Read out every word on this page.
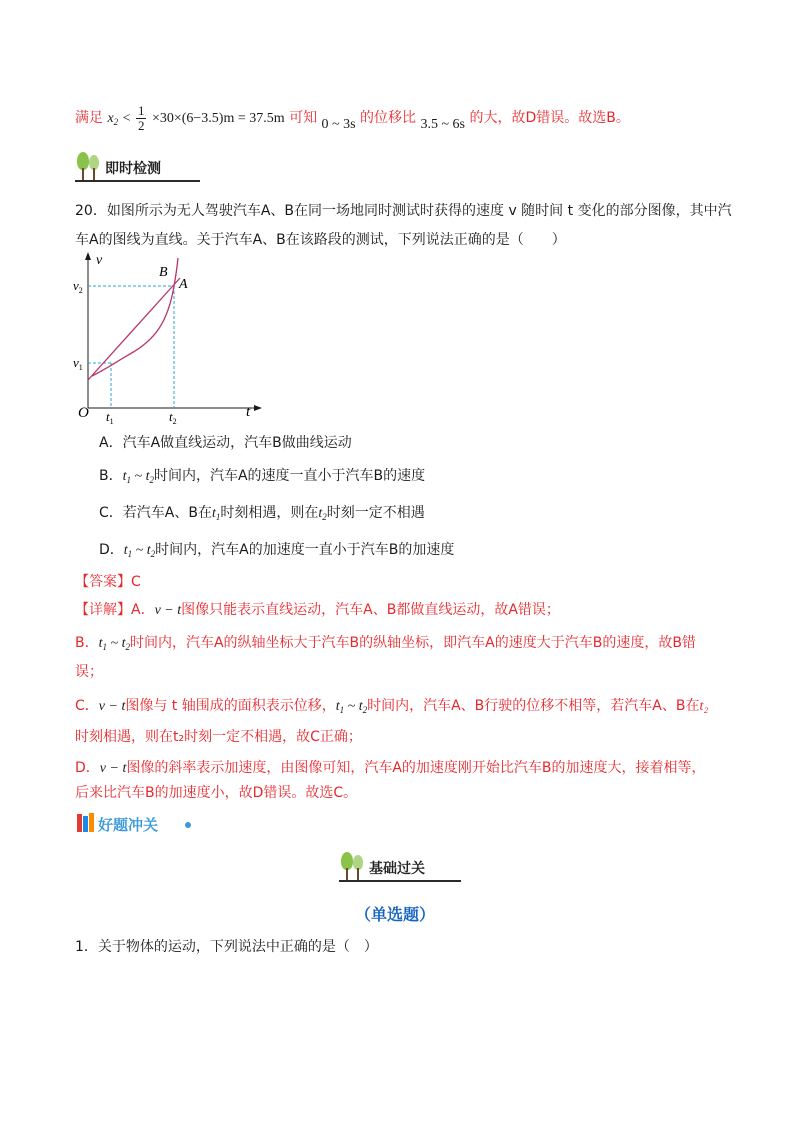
满足 $x_2 < \frac{1}{2} \times 30\times(6-3.5)m = 37.5m$ 可知 0 ~ 3s 的位移比 3.5 ~ 6s 的大，故D错误。故选B。
即时检测
20．如图所示为无人驾驶汽车A、B在同一场地同时测试时获得的速度 v 随时间 t 变化的部分图像，其中汽
车A的图线为直线。关于汽车A、B在该路段的测试，下列说法正确的是（　　）
v
t
O
$v_1$
$v_2$
$t_1$	$t_2$
A
B
A．汽车A做直线运动，汽车B做曲线运动
B．$t_1$ ~ $t_2$时间内，汽车A的速度一直小于汽车B的速度
C．若汽车A、B在$t_1$时刻相遇，则在$t_2$时刻一定不相遇
D．$t_1$ ~ $t_2$时间内，汽车A的加速度一直小于汽车B的加速度
【答案】C
【详解】A．v − t图像只能表示直线运动，汽车A、B都做直线运动，故A错误；
B．$t_1$ ~ $t_2$时间内，汽车A的纵轴坐标大于汽车B的纵轴坐标，即汽车A的速度大于汽车B的速度，故B错
误；
C．v − t图像与 t 轴围成的面积表示位移，$t_1$ ~ $t_2$时间内，汽车A、B行驶的位移不相等，若汽车A、B在t₂
时刻相遇，则在t₂时刻一定不相遇，故C正确；
D．v − t图像的斜率表示加速度，由图像可知，汽车A的加速度刚开始比汽车B的加速度大，接着相等，
后来比汽车B的加速度小，故D错误。故选C。
好题冲关
基础过关
（单选题）
1．关于物体的运动，下列说法中正确的是（　）
